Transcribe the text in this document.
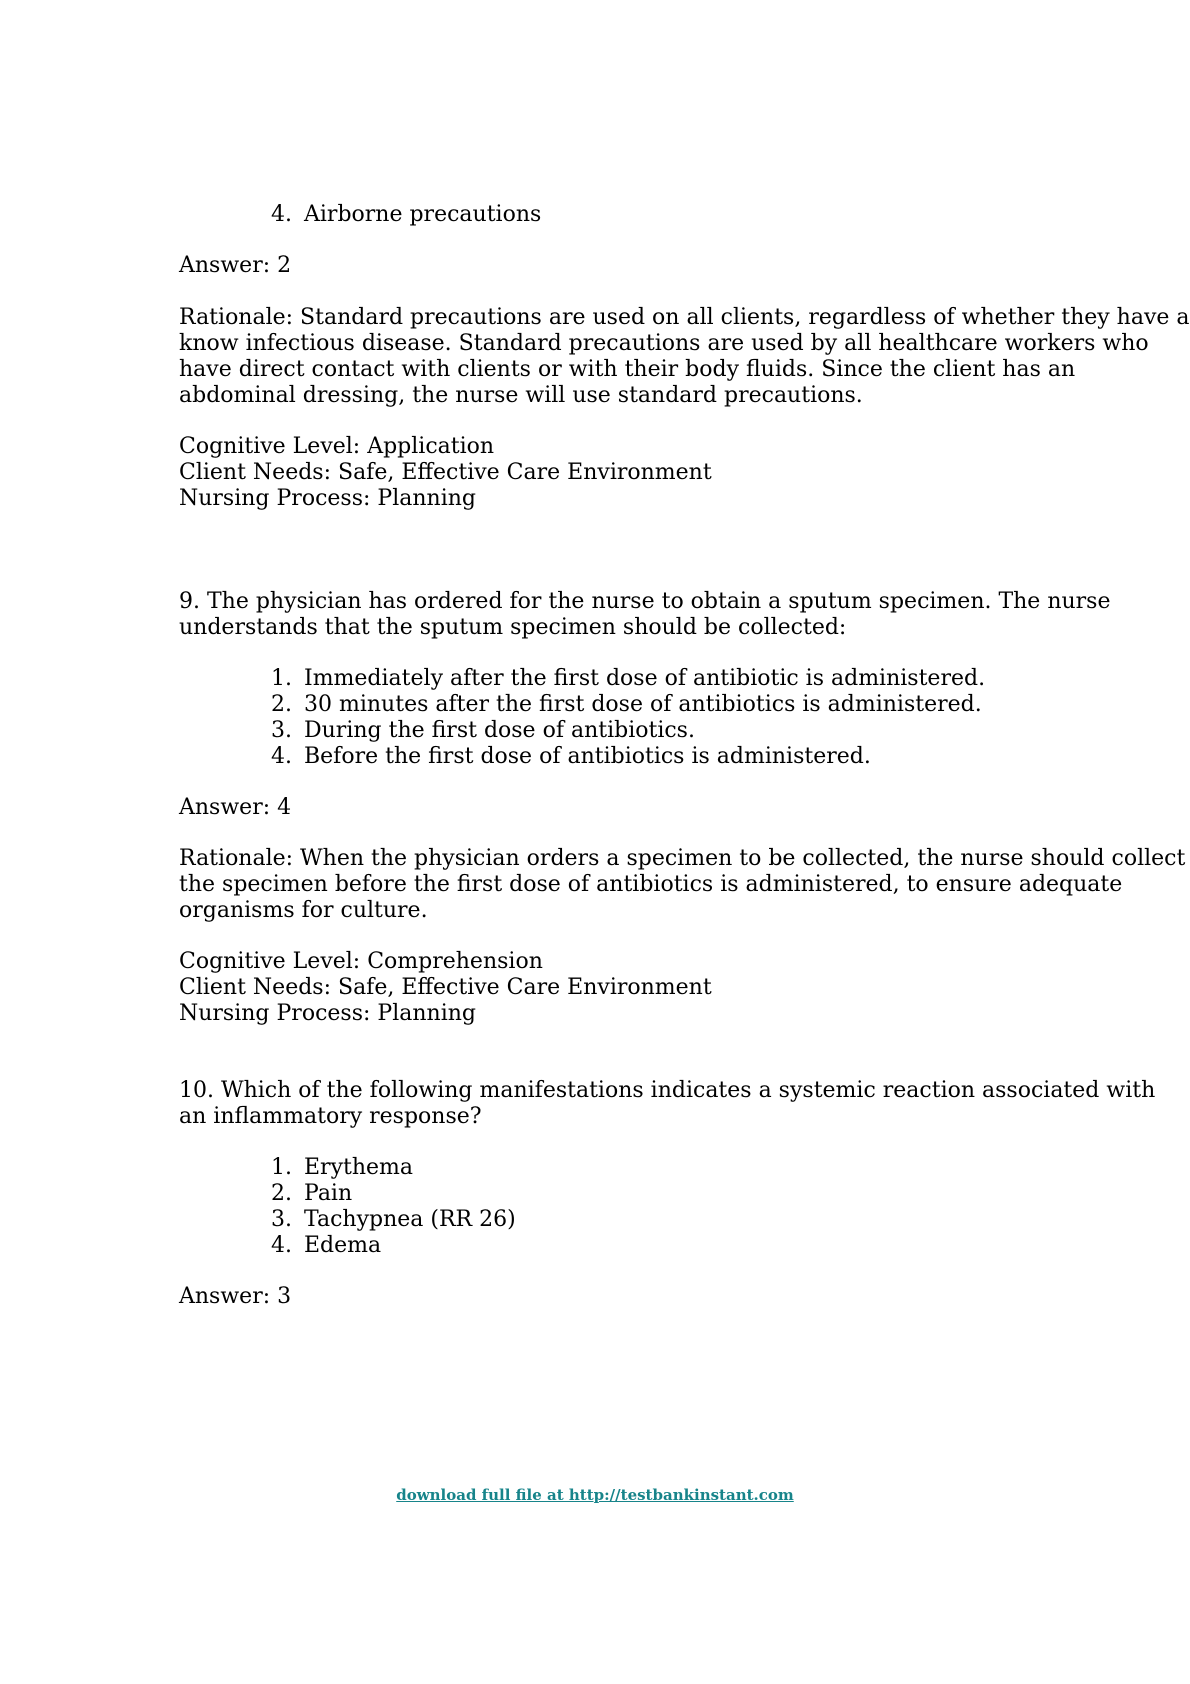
4. Airborne precautions
Answer: 2
Rationale: Standard precautions are used on all clients, regardless of whether they have a
know infectious disease. Standard precautions are used by all healthcare workers who
have direct contact with clients or with their body fluids. Since the client has an
abdominal dressing, the nurse will use standard precautions.
Cognitive Level: Application
Client Needs: Safe, Effective Care Environment
Nursing Process: Planning
9. The physician has ordered for the nurse to obtain a sputum specimen. The nurse
understands that the sputum specimen should be collected:
1. Immediately after the first dose of antibiotic is administered.
2. 30 minutes after the first dose of antibiotics is administered.
3. During the first dose of antibiotics.
4. Before the first dose of antibiotics is administered.
Answer: 4
Rationale: When the physician orders a specimen to be collected, the nurse should collect
the specimen before the first dose of antibiotics is administered, to ensure adequate
organisms for culture.
Cognitive Level: Comprehension
Client Needs: Safe, Effective Care Environment
Nursing Process: Planning
10. Which of the following manifestations indicates a systemic reaction associated with
an inflammatory response?
1. Erythema
2. Pain
3. Tachypnea (RR 26)
4. Edema
Answer: 3
download full file at http://testbankinstant.com
